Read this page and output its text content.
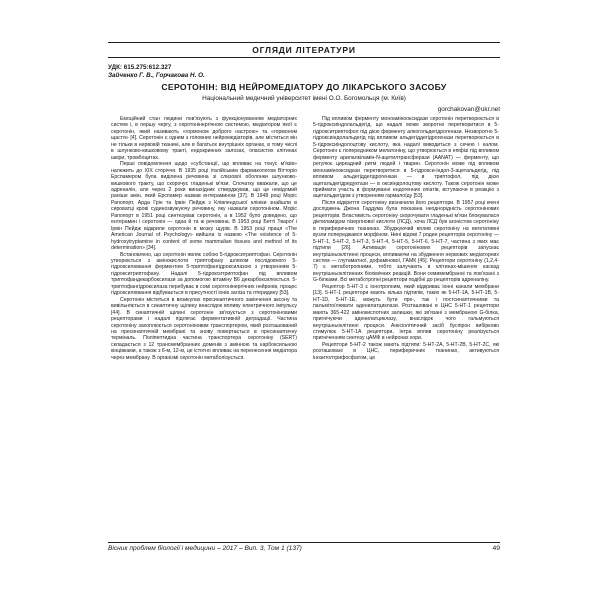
ОГЛЯДИ ЛІТЕРАТУРИ
УДК: 615.275:612.327
Зайченко Г. В., Горчакова Н. О.
СЕРОТОНІН: ВІД НЕЙРОМЕДІАТОРУ ДО ЛІКАРСЬКОГО ЗАСОБУ
Національний медичний університет імені О.О. Богомольця (м. Київ)
gorchakovan@ukr.net

Емоційний стан людини пов'язують з функціонуванням медіаторних систем і, в першу чергу, з серотонінергічною системою, медіатором якої є серотонін, який називають «гормоном доброго настрою» та «гормоном щастя» [4]. Серотонін є одним з головних нейромедіаторів, але міститься він не тільки в нервовій тканині, але в багатьох внутрішніх органах, в тому числі в шлунково-кишковому тракті, ендокринних залозах, опасистих клітинах шкіри, тромбоцитах.

Перші повідомлення щодо «субстанції, що впливає на тонус м'язів» належить до XIX сторіччя. В 1935 році італійським фармакологом Вітторіо Ерспамером була виділена речовина зі слизової оболонки шлунково-кишкового тракту, що скорочує гладенькі м'язи. Спочатку вважали, що це адреналін, але через 2 роки винахідник стверджував, що це невідомий раніше амін, який Ерспамер назвав ентерамином [37]. В 1948 році Моріс Рапопорт, Арда Грін та Ірвін Пейдж з Клівлендської клініки знайшли в сироватці крові судинозвужуючу речовину, яку назвали серотоніном. Моріс Рапопорт в 1951 році синтезував серотонін, а в 1952 було доведено, що ентерамин і серотонін — одна й та ж речовина. В 1953 році Бетті Твароґ і Ірвін Пейдж відкрили серотонін в мозку щурів. В 1953 році праця «The American Journal of Psychology» вийшла із назвою «The existence of 5-hydroxytryptamine in content of some mammalian tissues and method of its determination» [34].

Встановлено, що серотонін являє собою 5-гідрокситриптофан. Серотонін утворюється з амінокислоти триптофану шляхом послідовного 5-гідроксилювання ферментом 5-триптофангідроксилазою з утворенням 5-гідрокситриптофану. Надалі 5-гідрокситриптофан під впливом триптофандекарбоксилази за допомогою вітаміну В6 декарбоксилюється. 5-триптофангідроксилаза перебуває в сомі серотонінергічних нейронів, процес гідроксилювання відбувається в присутності іонів заліза та птеридину [53].

Серотонін міститься в везикулах пресинаптичного закінчення аксону та вивільняється в синаптичну щілину внаслідок впливу електричного імпульсу [44]. В синаптичній щілині серотонін зв'язується з серотоніновими рецепторами і надалі підлягає ферментативній деградації. Частина серотоніну захоплюється серотоніновим транспортером, який розташований на пресинаптичній мембрані та знову повертається в пресинаптичну терміналь. Поліпептидна частина транспортера серотоніну (SERT) складається з 12 трансмембранних доменів з амінною та карбоксильною кінцівками, а також з 6-м, 12-м, це істотно впливає на перенесення медіатора через мембрану. В організмі серотонін метаболізується.

Під впливом ферменту моноамінооксидази серотонін перетворюється в 5-гідроксиіндолальдегід, що надалі може зворотно перетворитися в 5-гідрокситриптофол під дією ферменту алкогольдегідрогенази. Незворотно 5-гідроксиіндолальдегід під впливом альдегіддегідрогенази перетворюється в 5-гідроксиіндолоцтову кислоту, яка надалі виводиться з сечею і калом. Серотонін є попередником мелатоніну, що утворюється в епіфізі під впливом ферменту арилалкіламін-N-ацетилтрансферази (AANAT) — ферменту, що регулює циркадний ритм людей і тварин. Серотонін може під впливом моноамінооксидази перетворитися в 5-гідрокси-індол-3-ацетальдегід, під впливом альдегіддегідрогенази — в триптофол, під дією ацетальдегідредуктази — в оксиіндолоцтову кислоту. Також серотонін може приймати участь в формуванні ендогенних опіатів, вступаючи в реакцію з ацетальдегідом з утворенням гармалоїду [53].

Після відкриття серотоніну визначили його рецептори. В 1957 році вчені досліджень Джона Гаддума була показана неоднорідність серотонінових рецепторів. Властивість серотоніну скорочувати гладенькі м'язи блокувалася діетиламідом лізергінової кислоти (ЛСД), хоча ЛСД був агоністом серотоніну в периферичних тканинах. Збуджуючий вплив серотоніну на вегетативні вузли попереджався морфіном. Нині відомі 7 родин рецепторів серотоніну — 5-НТ-1, 5-НТ-2, 5-НТ-3, 5-НТ-4, 5-НТ-5, 5-НТ-6, 5-НТ-7, частина з яких має підтипи [26]. Активація серотонінових рецепторів запускає внутрішньоклітинні процеси, впливаючи на збудження нервових медіаторних систем — глутаматної, дофамінової, ГАМК [45]. Рецептори серотоніну (1,2,4-7) є метаботропними, тобто залучають в клітинах-мішенях каскад внутрішньоклітинних біохімічних реакцій. Вони семимембранні та пов'язані з G-білками. Всі метаботропні рецептори подібні до рецепторів адреналіну.

Рецептор 5-НТ-3 є іонотропним, який відкриває іонні канали мембрани [13]. 5-НТ-1 рецептори мають кілька підтипів, таких як 5-НТ-1А, 5-НТ-1В, 5-НТ-1D, 5-НТ-1Е, можуть бути пре-, так і постсинаптичними та пальмітоїлювати аденилатциклази. Розташовані в ЦНС 5-НТ-1 рецептори мають 365-422 амінокислотних залишки, які зв'язані з мембраною G-білка, пригнічуючи аденилатциклазу, внаслідок чого гальмуються внутрішньоклітинні процеси. Анксіолітичний засіб буспірон вибірково стимулює 5-НТ-1А рецептори, інтра вплив серотоніну реалізується пригніченням синтезу цАМФ в нейронах кори.

Рецептори 5-НТ-2 також мають підтипи: 5-НТ-2А, 5-НТ-2В, 5-НТ-2С, які розташовані в ЦНС, периферичних тканинах, активуються інозитолтрифосфатом, це

Вісник проблем біології і медицини – 2017 – Вип. 3, Том 1 (137)	49
